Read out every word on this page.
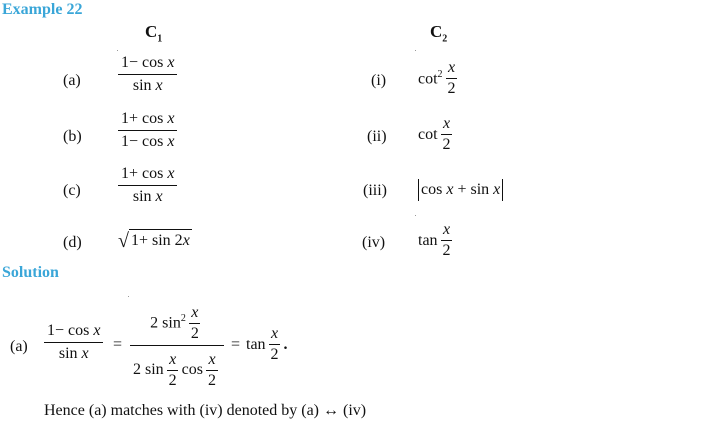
Example 22
$C_1$	$C_2$
$(a) \frac{\text{1− cos x}}{\text{sin x}}$	(i) $\cot^2 \frac{x}{2}$
$(b) \frac{\text{1+ cos x}}{\text{1− cos x}}$	(ii) $\cot \frac{x}{2}$
$(c) \frac{\text{1+ cos x}}{\text{sin x}}$	(iii) cos x + sin x
(d) √ 1+ sin 2x	(iv) $\tan \frac{x}{2}$
Solution
$(a) \frac{\text{1− cos x}}{\text{sin x}}$ =
2 $\sin^2 \frac{x}{2}$
2 $\sin \frac{x}{2}$ $\cos \frac{x}{2}$
= $\tan \frac{x}{2}$ .
Hence (a) matches with (iv) denoted by (a) ↔ (iv)
